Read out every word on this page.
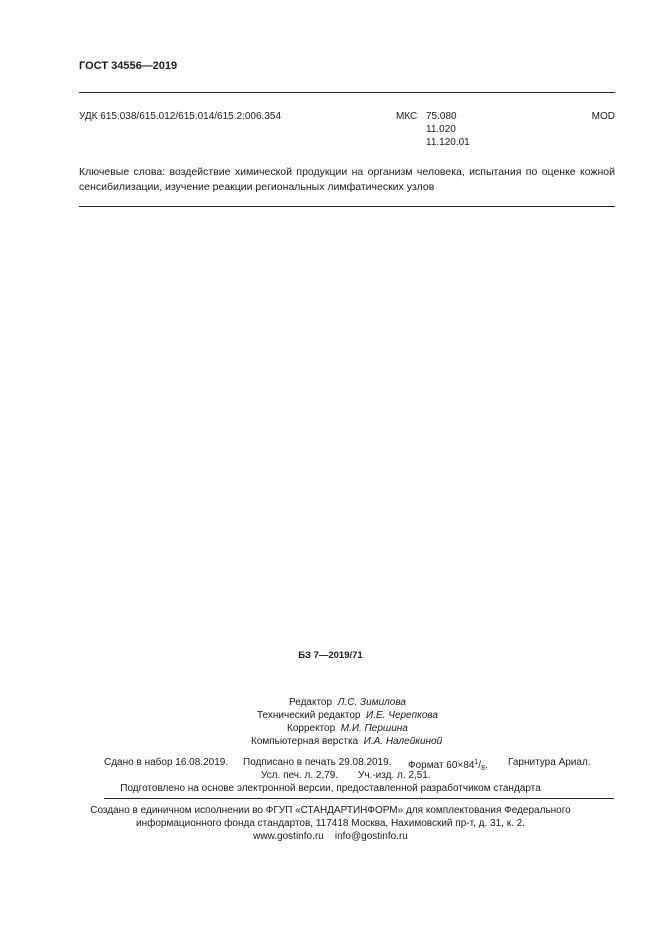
ГОСТ 34556—2019
УДК 615.038/615.012/615.014/615.2:006.354	МКС 75.080
11.020
11.120.01
MOD
Ключевые слова: воздействие химической продукции на организм человека, испытания по оценке кожной сенсибилизации, изучение реакции региональных лимфатических узлов
БЗ 7—2019/71
Редактор Л.С. Зимилова
Технический редактор И.Е. Черепкова
Корректор М.И. Першина
Компьютерная верстка И.А. Налейкиной
Сдано в набор 16.08.2019. Подписано в печать 29.08.2019. Формат $60\times 84^1/_8$. Гарнитура Ариал.
Усл. печ. л. 2,79. Уч.-изд. л. 2,51.
Подготовлено на основе электронной версии, предоставленной разработчиком стандарта
Создано в единичном исполнении во ФГУП «СТАНДАРТИНФОРМ» для комплектования Федерального
информационного фонда стандартов, 117418 Москва, Нахимовский пр-т, д. 31, к. 2.
www.gostinfo.ru info@gostinfo.ru
